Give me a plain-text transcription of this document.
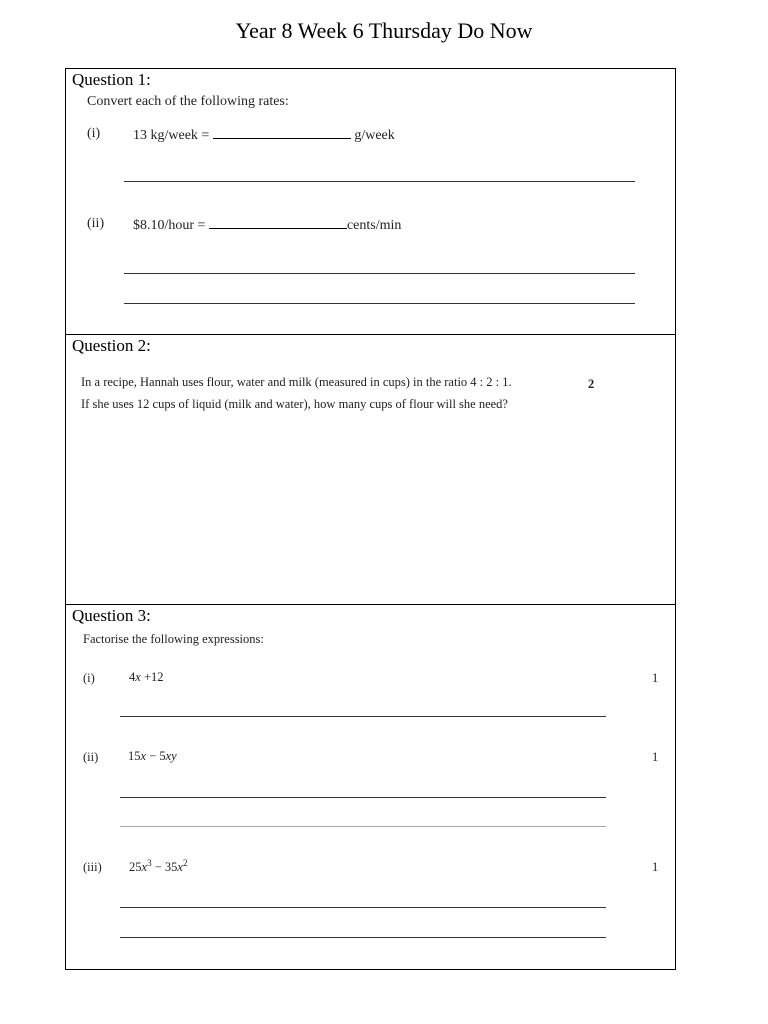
Year 8 Week 6 Thursday Do Now
Question 1:
Convert each of the following rates:
(i) 13 kg/week =	g/week
(ii) $8.10/hour =	cents/min
Question 2:
In a recipe, Hannah uses flour, water and milk (measured in cups) in the ratio 4 : 2 : 1.	2
If she uses 12 cups of liquid (milk and water), how many cups of flour will she need?
Question 3:
Factorise the following expressions:
(i)	4x +12	1
(ii) 15x − 5xy	1
(iii) $25x^3 - 35x^2$	1
